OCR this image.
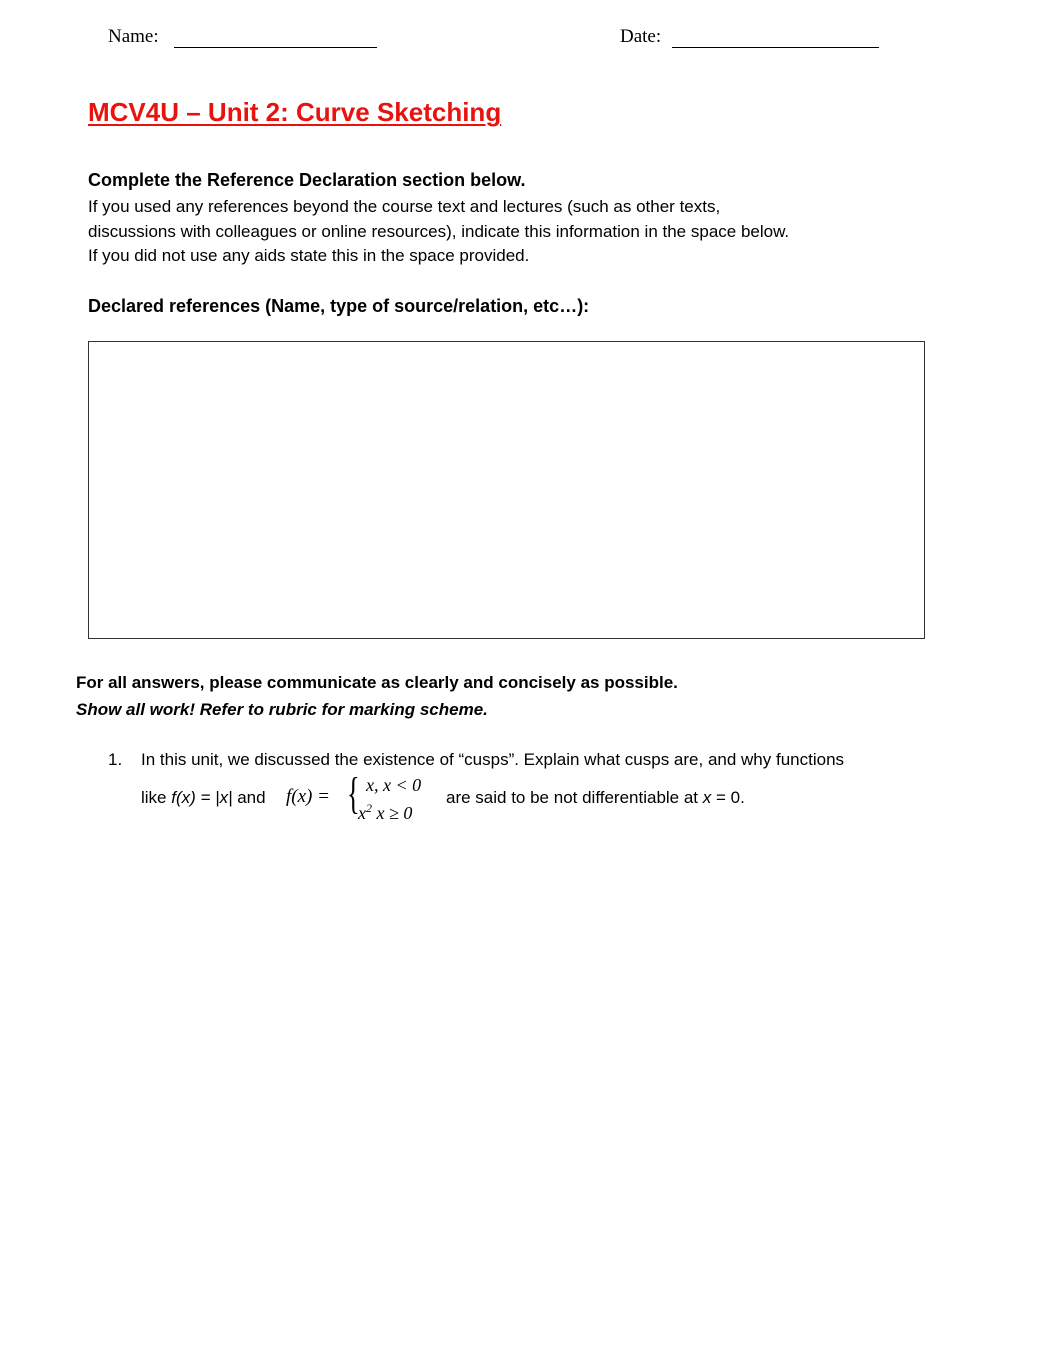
Name:	Date:
MCV4U – Unit 2: Curve Sketching
Complete the Reference Declaration section below.
If you used any references beyond the course text and lectures (such as other texts,
discussions with colleagues or online resources), indicate this information in the space below.
If you did not use any aids state this in the space provided.
Declared references (Name, type of source/relation, etc…):
For all answers, please communicate as clearly and concisely as possible.
Show all work! Refer to rubric for marking scheme.
1. In this unit, we discussed the existence of “cusps”. Explain what cusps are, and why functions
like f(x) = |x| and f(x) = { x, x < 0
$x^2$ x ≥ 0
are said to be not differentiable at x = 0.
